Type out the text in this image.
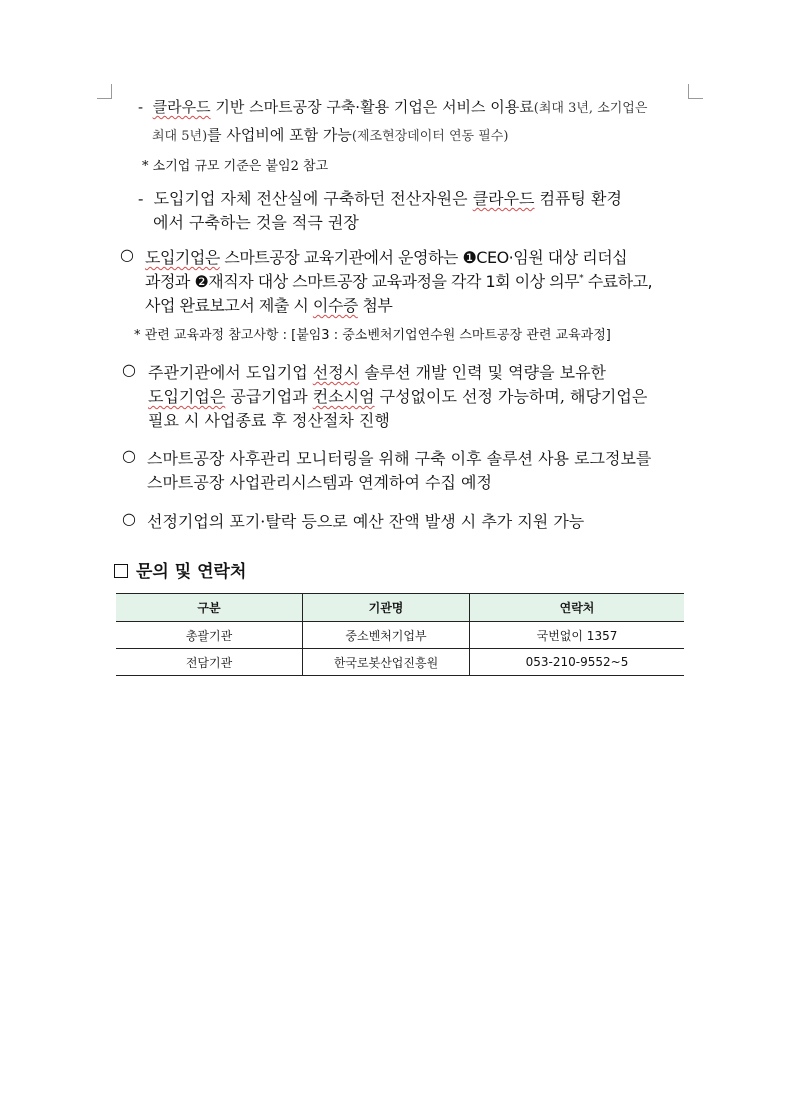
- 클라우드 기반 스마트공장 구축·활용 기업은 서비스 이용료(최대 3년, 소기업은
최대 5년)를 사업비에 포함 가능(제조현장데이터 연동 필수)
* 소기업 규모 기준은 붙임2 참고
- 도입기업 자체 전산실에 구축하던 전산자원은 클라우드 컴퓨팅 환경
에서 구축하는 것을 적극 권장
○ 도입기업은 스마트공장 교육기관에서 운영하는 ❶CEO·임원 대상 리더십
과정과 ❷재직자 대상 스마트공장 교육과정을 각각 1회 이상 의무* 수료하고,
사업 완료보고서 제출 시 이수증 첨부
* 관련 교육과정 참고사항 : [붙임3 : 중소벤처기업연수원 스마트공장 관련 교육과정]
○ 주관기관에서 도입기업 선정시 솔루션 개발 인력 및 역량을 보유한
도입기업은 공급기업과 컨소시엄 구성없이도 선정 가능하며, 해당기업은
필요 시 사업종료 후 정산절차 진행
○ 스마트공장 사후관리 모니터링을 위해 구축 이후 솔루션 사용 로그정보를
스마트공장 사업관리시스템과 연계하여 수집 예정
○ 선정기업의 포기·탈락 등으로 예산 잔액 발생 시 추가 지원 가능
문의 및 연락처
구분	기관명	연락처
총괄기관	중소벤처기업부	국번없이 1357
전담기관	한국로봇산업진흥원	053-210-9552~5
